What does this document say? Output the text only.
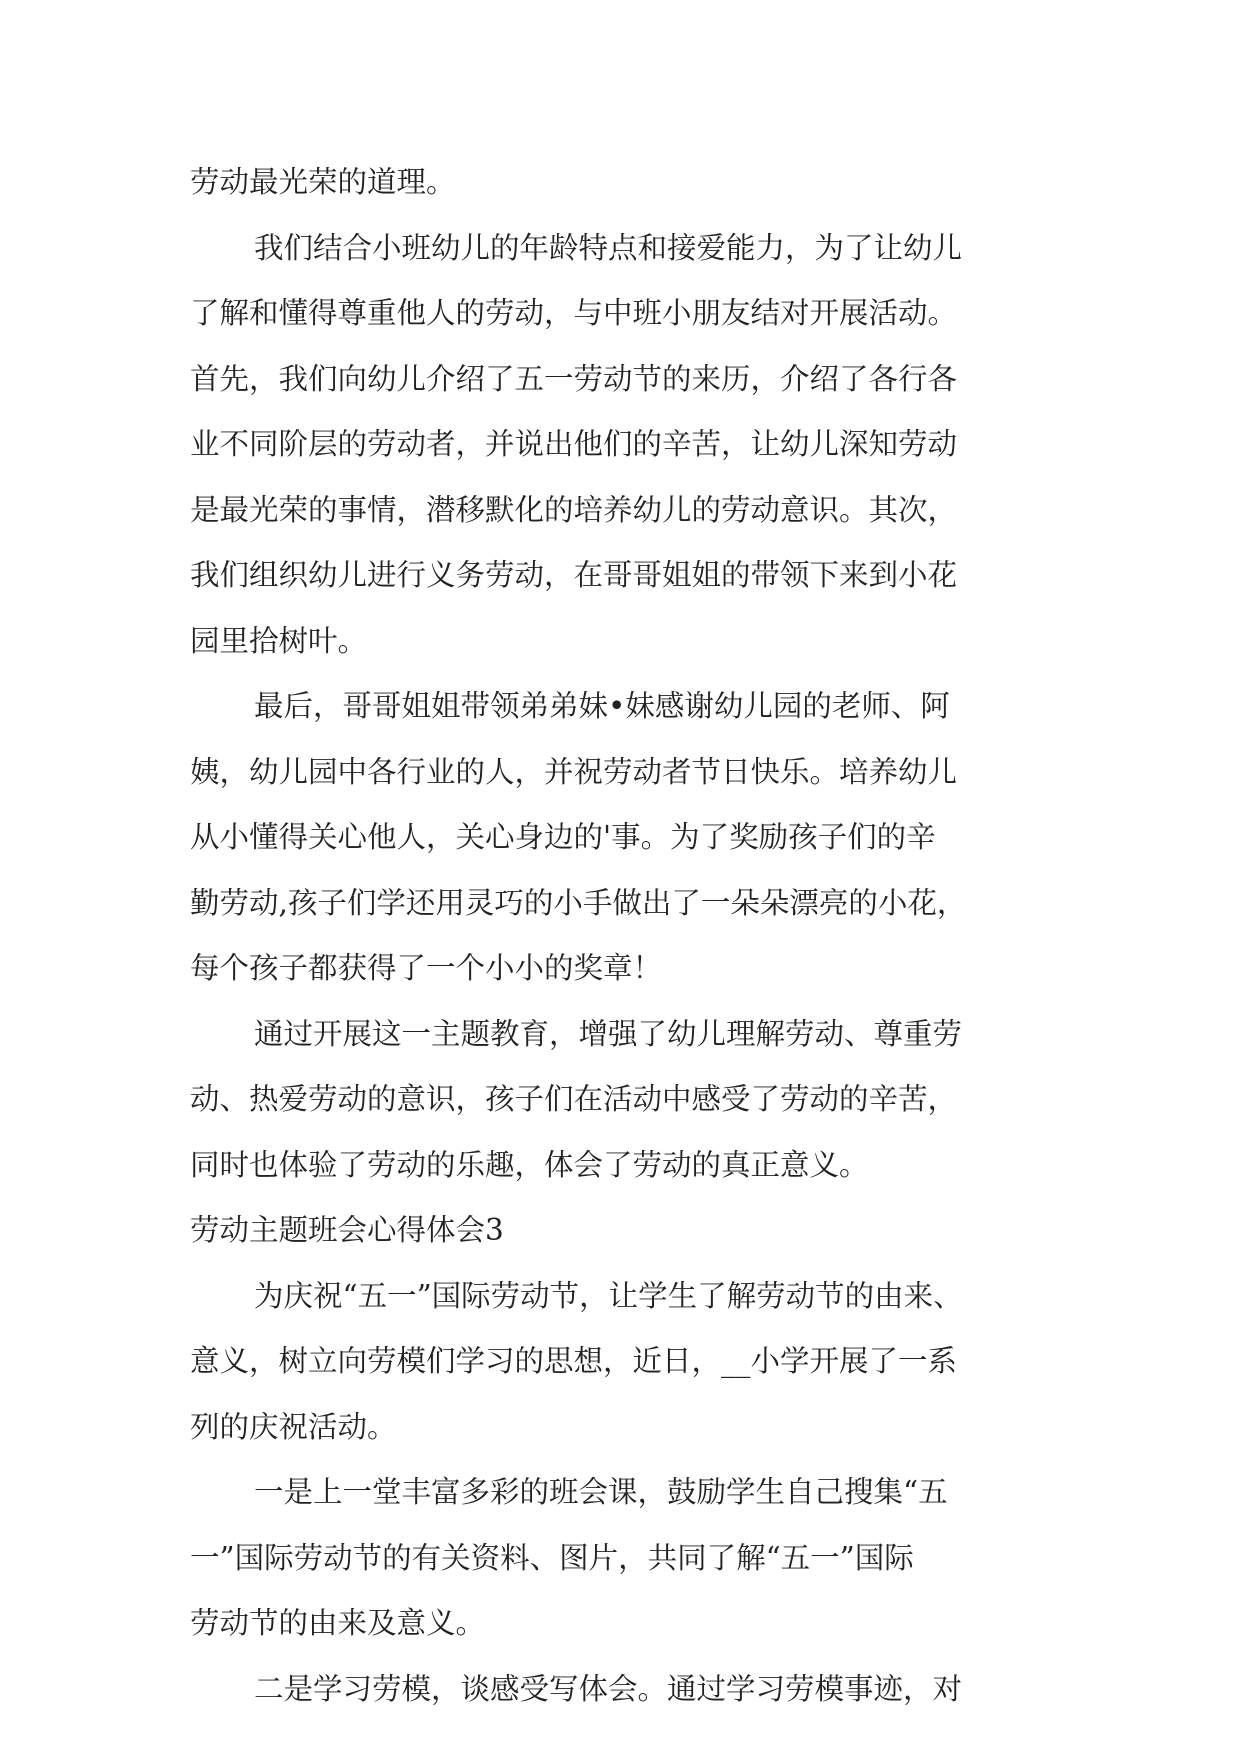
劳动最光荣的道理。
我们结合小班幼儿的年龄特点和接爱能力，为了让幼儿
了解和懂得尊重他人的劳动，与中班小朋友结对开展活动。
首先，我们向幼儿介绍了五一劳动节的来历，介绍了各行各
业不同阶层的劳动者，并说出他们的辛苦，让幼儿深知劳动
是最光荣的事情，潜移默化的培养幼儿的劳动意识。其次，
我们组织幼儿进行义务劳动，在哥哥姐姐的带领下来到小花
园里拾树叶。
最后，哥哥姐姐带领弟弟妹•妹感谢幼儿园的老师、阿
姨，幼儿园中各行业的人，并祝劳动者节日快乐。培养幼儿
从小懂得关心他人，关心身边的'事。为了奖励孩子们的辛
勤劳动,孩子们学还用灵巧的小手做出了一朵朵漂亮的小花，
每个孩子都获得了一个小小的奖章！
通过开展这一主题教育，增强了幼儿理解劳动、尊重劳
动、热爱劳动的意识，孩子们在活动中感受了劳动的辛苦，
同时也体验了劳动的乐趣，体会了劳动的真正意义。
劳动主题班会心得体会3
为庆祝“五一”国际劳动节，让学生了解劳动节的由来、
意义，树立向劳模们学习的思想，近日，__小学开展了一系
列的庆祝活动。
一是上一堂丰富多彩的班会课，鼓励学生自己搜集“五
一”国际劳动节的有关资料、图片，共同了解“五一”国际
劳动节的由来及意义。
二是学习劳模，谈感受写体会。通过学习劳模事迹，对
